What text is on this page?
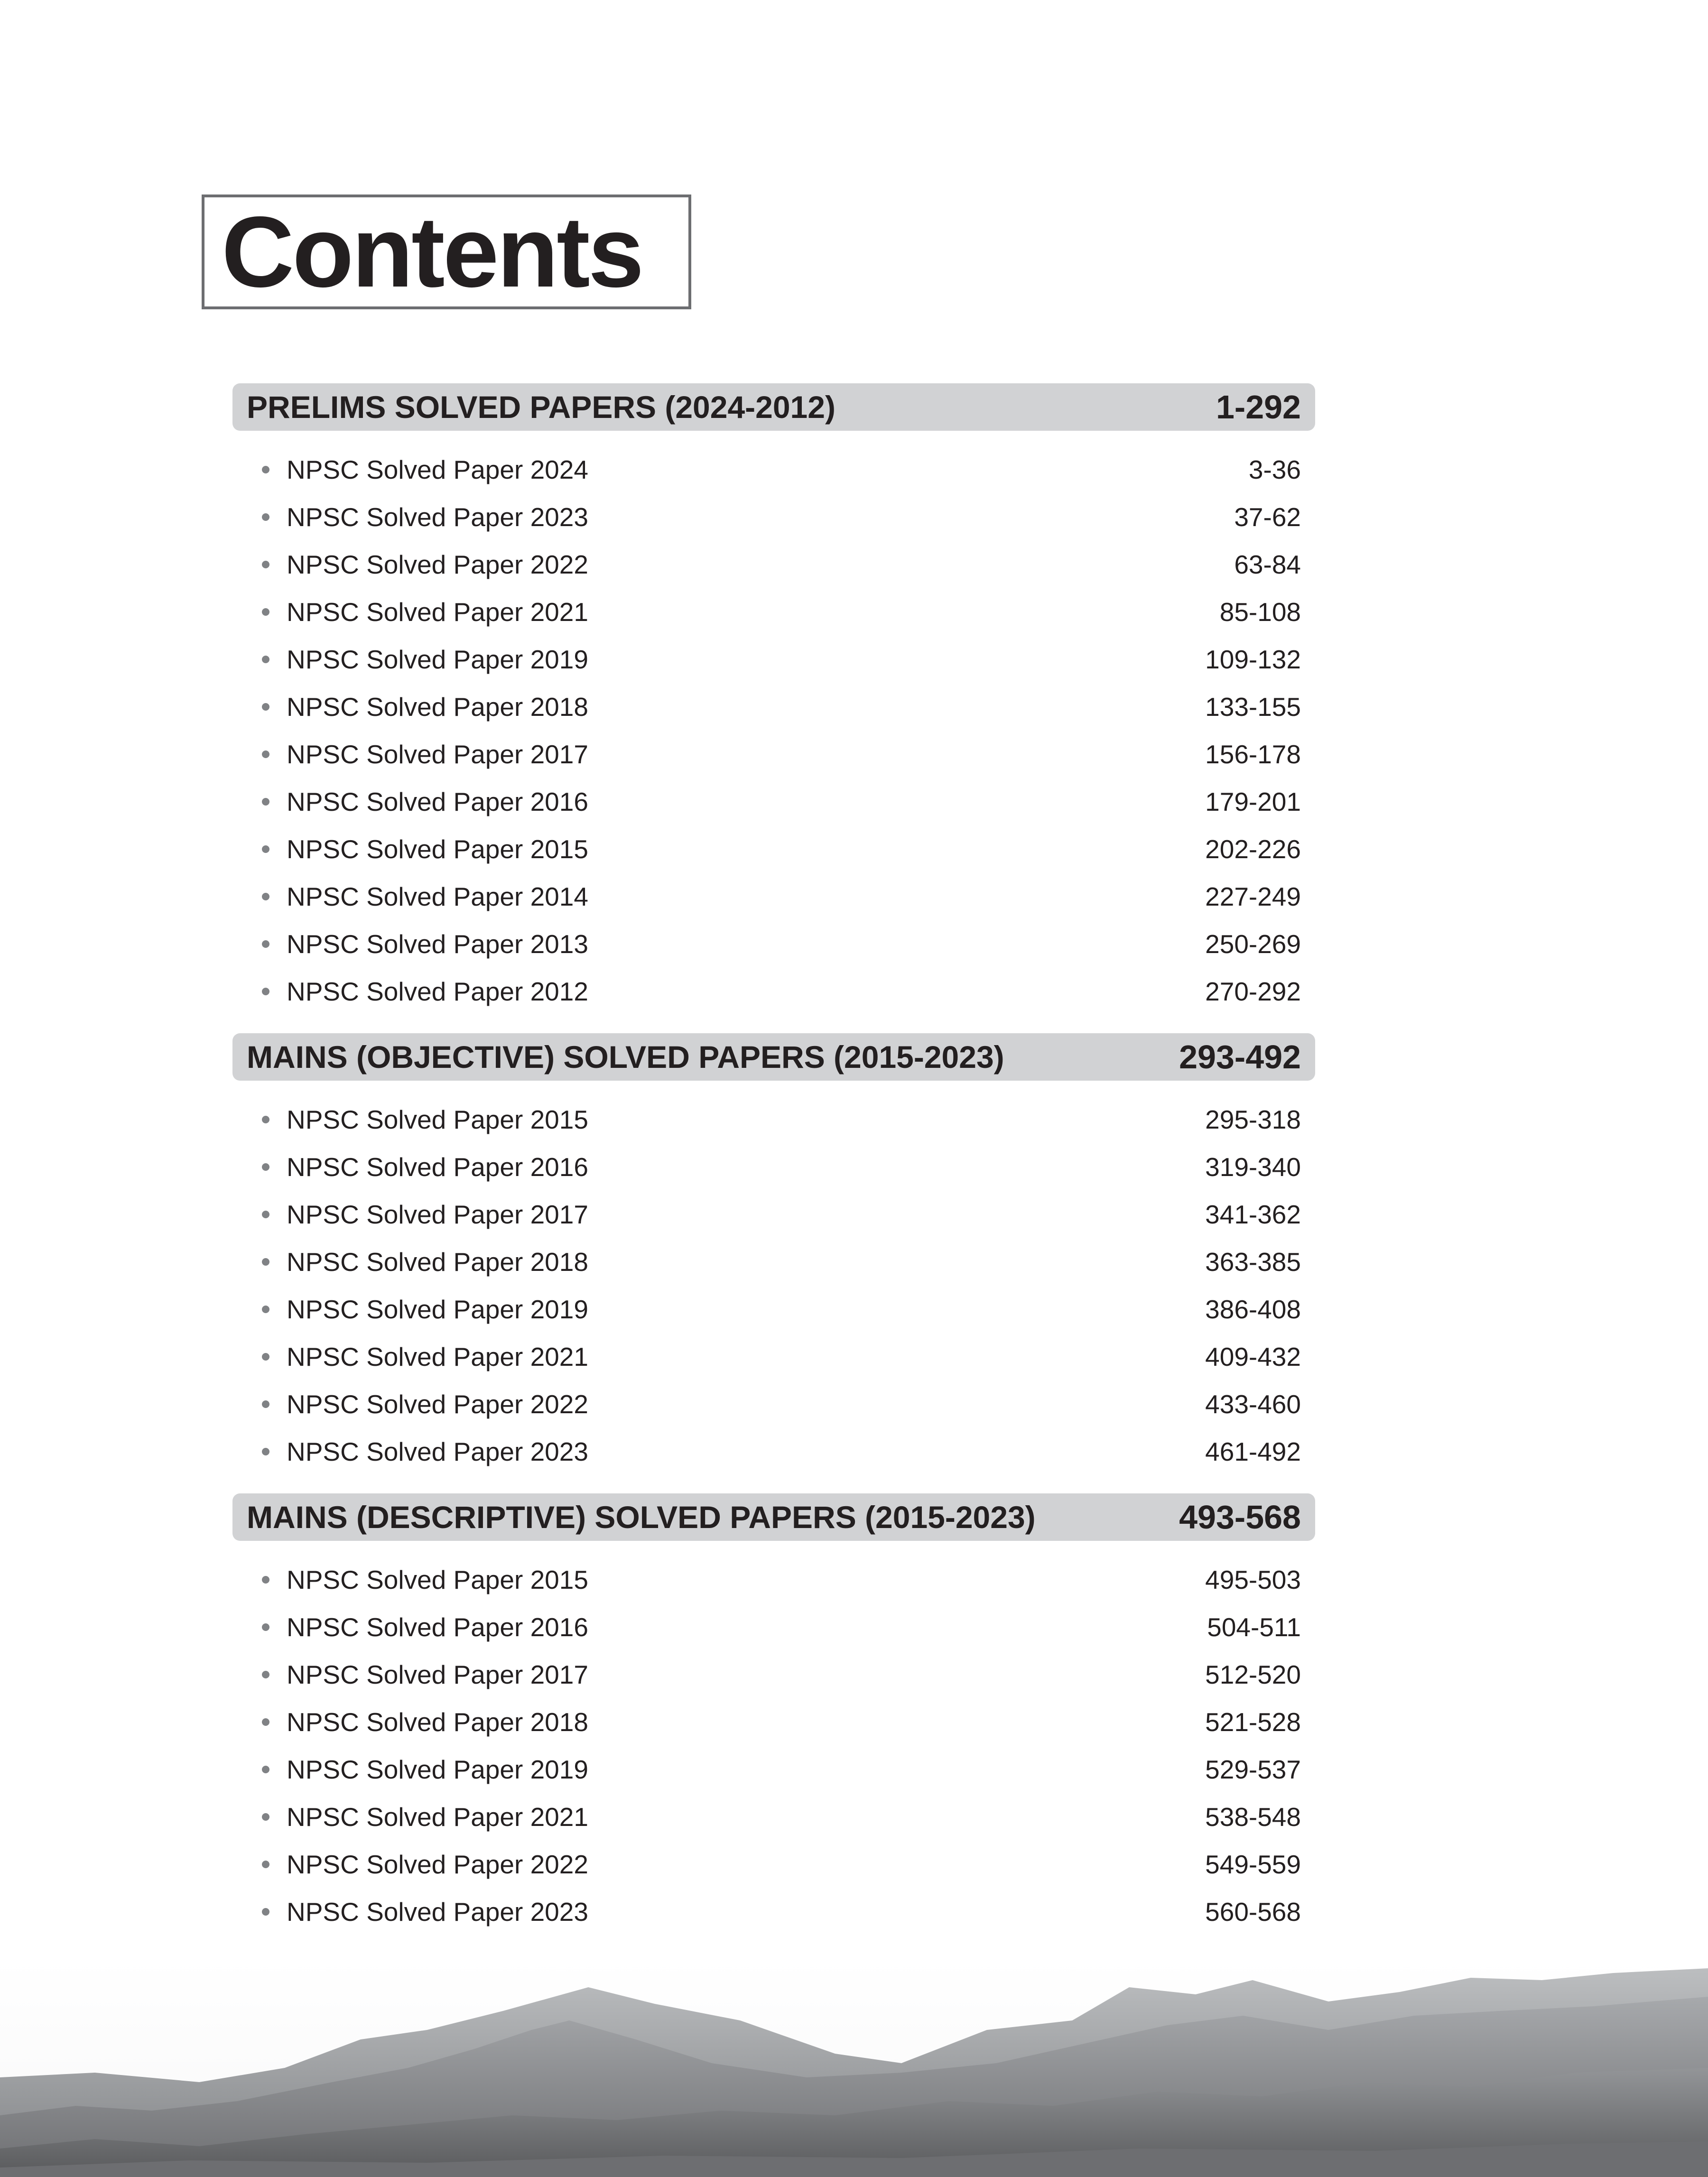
Contents
PRELIMS SOLVED PAPERS (2024-2012)	1-292
NPSC Solved Paper 2024	3-36
NPSC Solved Paper 2023	37-62
NPSC Solved Paper 2022	63-84
NPSC Solved Paper 2021	85-108
NPSC Solved Paper 2019	109-132
NPSC Solved Paper 2018	133-155
NPSC Solved Paper 2017	156-178
NPSC Solved Paper 2016	179-201
NPSC Solved Paper 2015	202-226
NPSC Solved Paper 2014	227-249
NPSC Solved Paper 2013	250-269
NPSC Solved Paper 2012	270-292
MAINS (OBJECTIVE) SOLVED PAPERS (2015-2023)	293-492
NPSC Solved Paper 2015	295-318
NPSC Solved Paper 2016	319-340
NPSC Solved Paper 2017	341-362
NPSC Solved Paper 2018	363-385
NPSC Solved Paper 2019	386-408
NPSC Solved Paper 2021	409-432
NPSC Solved Paper 2022	433-460
NPSC Solved Paper 2023	461-492
MAINS (DESCRIPTIVE) SOLVED PAPERS (2015-2023)	493-568
NPSC Solved Paper 2015	495-503
NPSC Solved Paper 2016	504-511
NPSC Solved Paper 2017	512-520
NPSC Solved Paper 2018	521-528
NPSC Solved Paper 2019	529-537
NPSC Solved Paper 2021	538-548
NPSC Solved Paper 2022	549-559
NPSC Solved Paper 2023	560-568
